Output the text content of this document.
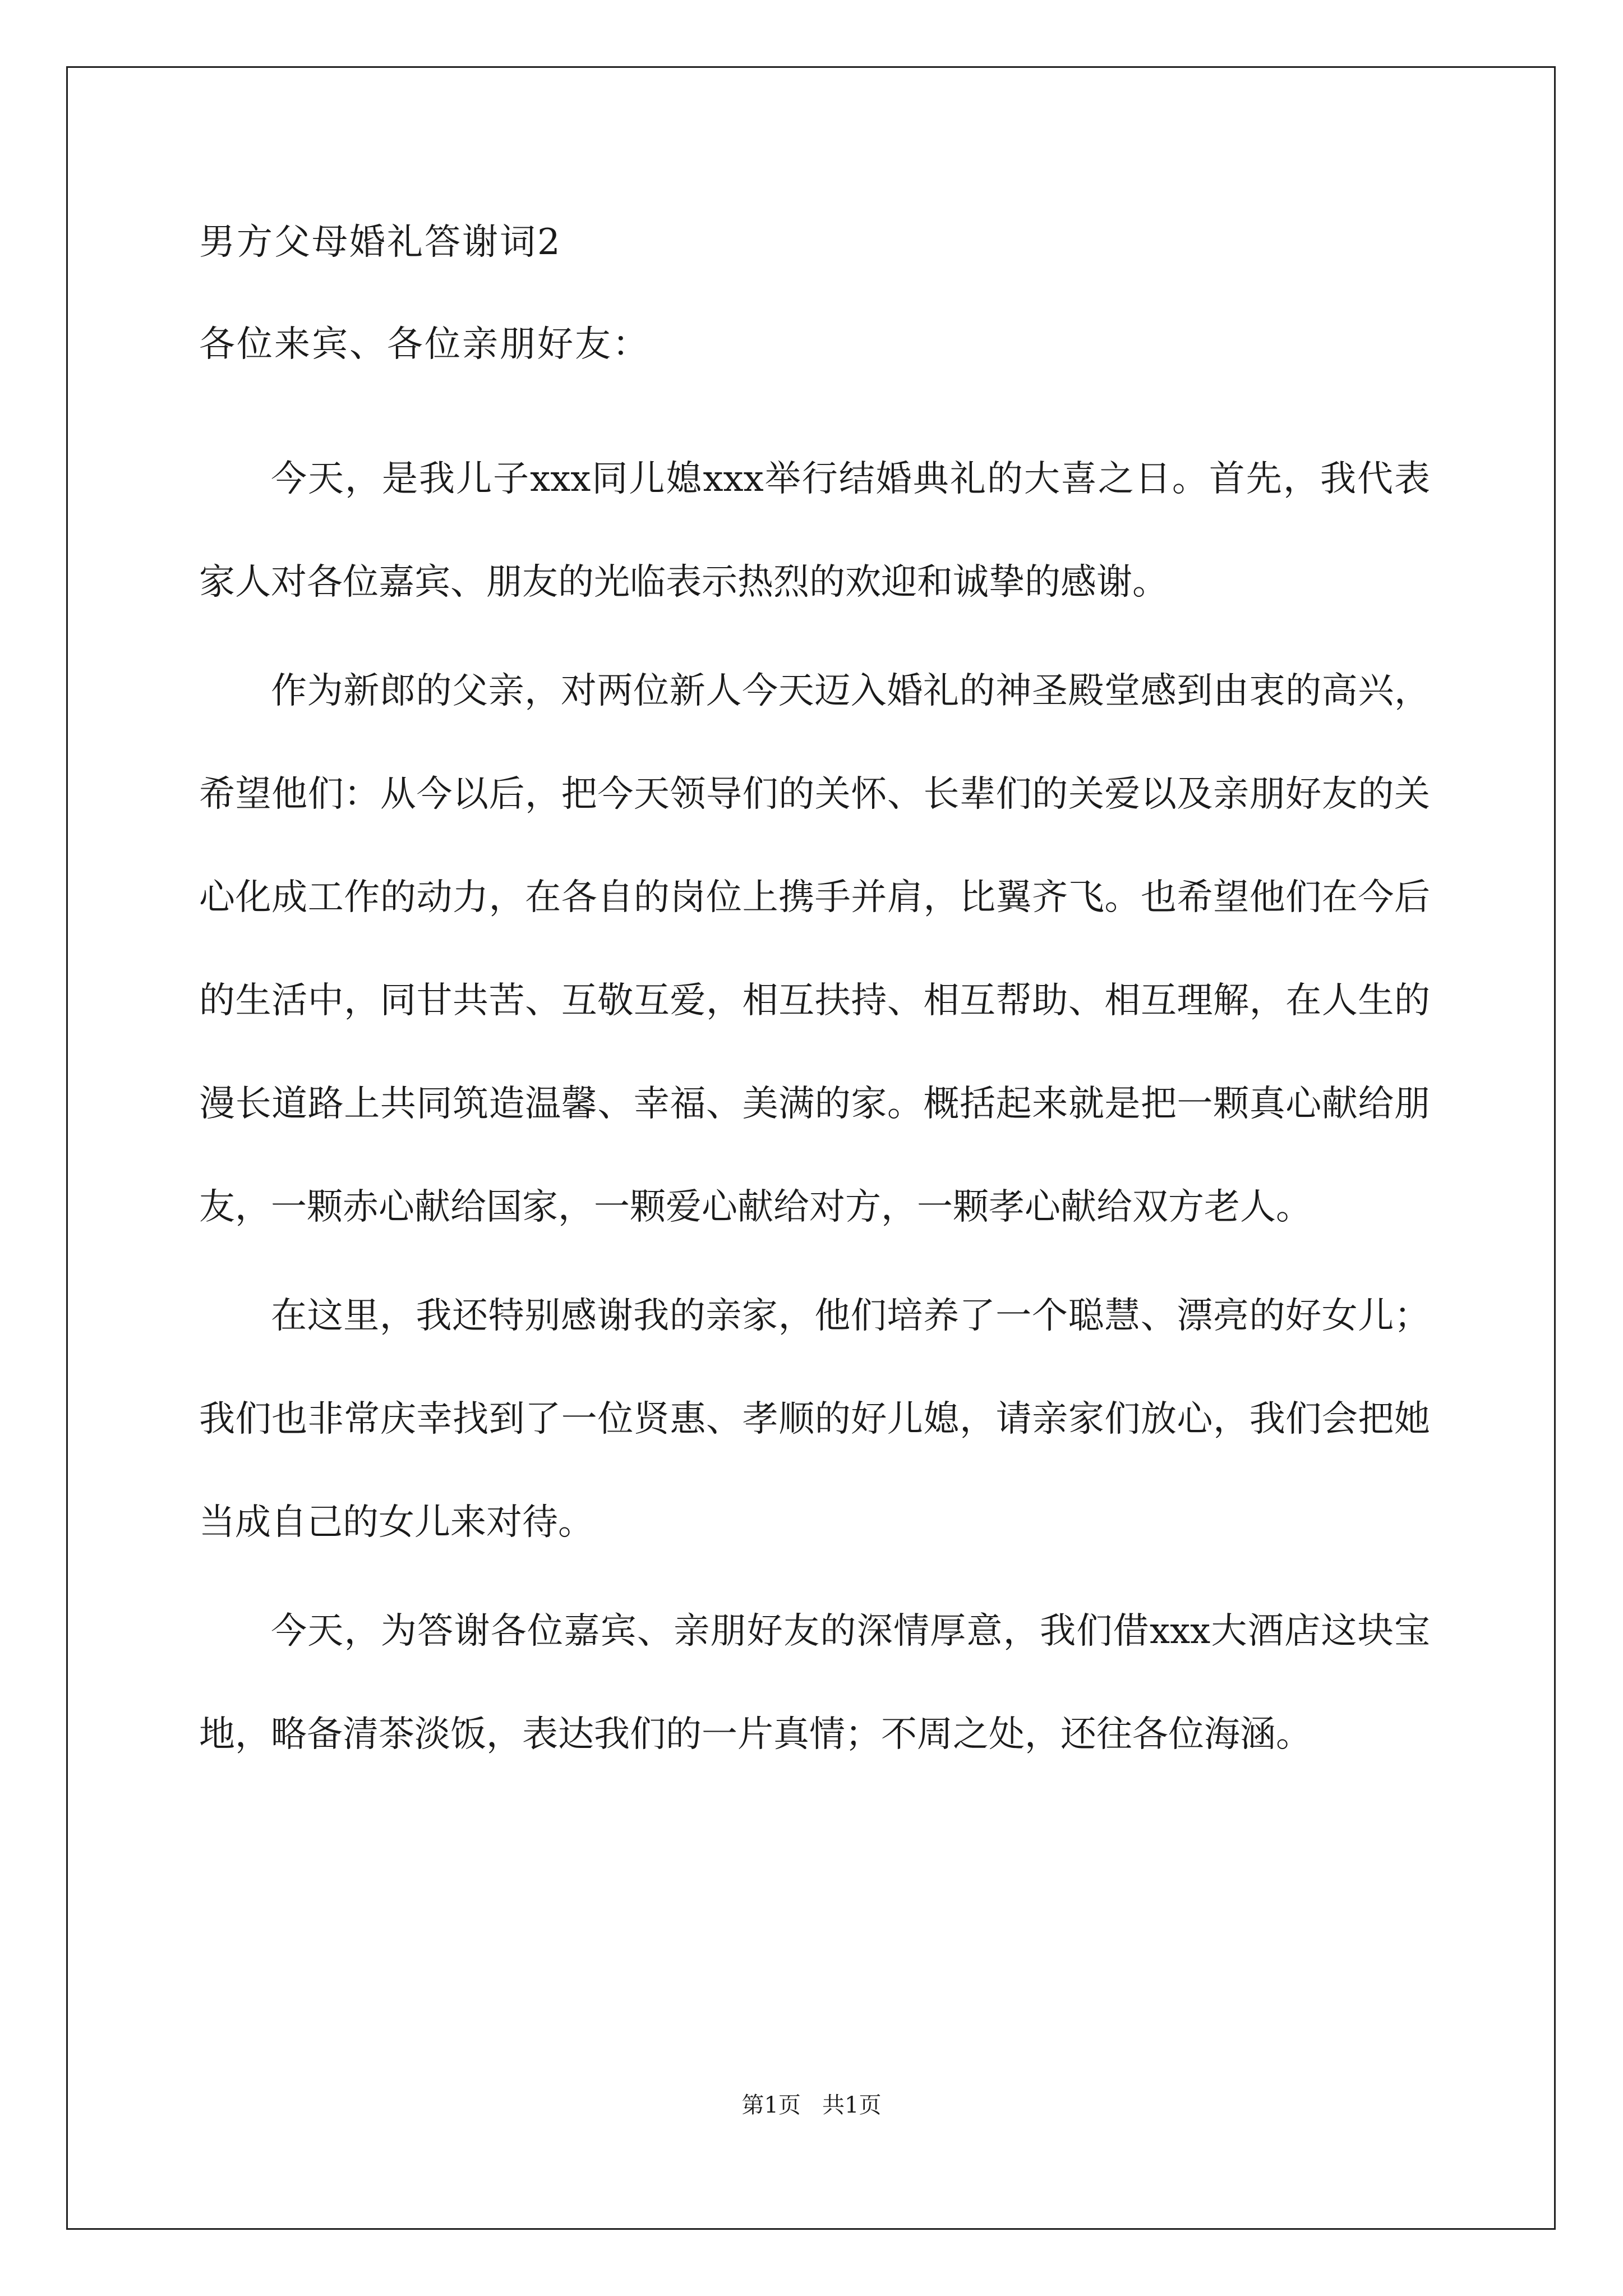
男方父母婚礼答谢词2

各位来宾、各位亲朋好友：

今天，是我儿子xxx同儿媳xxx举行结婚典礼的大喜之日。首先，我代表家人对各位嘉宾、朋友的光临表示热烈的欢迎和诚挚的感谢。

作为新郎的父亲，对两位新人今天迈入婚礼的神圣殿堂感到由衷的高兴，希望他们：从今以后，把今天领导们的关怀、长辈们的关爱以及亲朋好友的关心化成工作的动力，在各自的岗位上携手并肩，比翼齐飞。也希望他们在今后的生活中，同甘共苦、互敬互爱，相互扶持、相互帮助、相互理解，在人生的漫长道路上共同筑造温馨、幸福、美满的家。概括起来就是把一颗真心献给朋友，一颗赤心献给国家，一颗爱心献给对方，一颗孝心献给双方老人。

在这里，我还特别感谢我的亲家，他们培养了一个聪慧、漂亮的好女儿；我们也非常庆幸找到了一位贤惠、孝顺的好儿媳，请亲家们放心，我们会把她当成自己的女儿来对待。

今天，为答谢各位嘉宾、亲朋好友的深情厚意，我们借xxx大酒店这块宝地，略备清茶淡饭，表达我们的一片真情；不周之处，还往各位海涵。

第1页   共1页
